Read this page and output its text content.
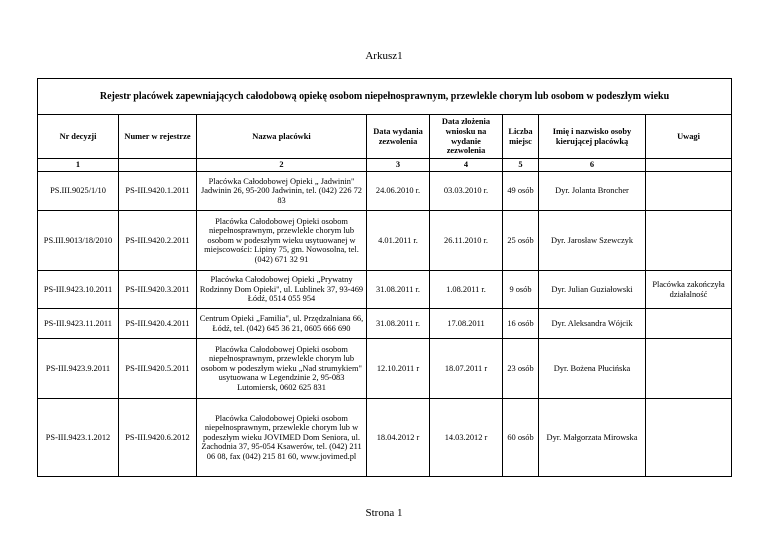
Arkusz1
Rejestr placówek zapewniających całodobową opiekę osobom niepełnosprawnym, przewlekle chorym lub osobom w podeszłym wieku							
Nr decyzji	Numer w rejestrze	Nazwa placówki	Data wydania zezwolenia	Data złożenia wniosku na wydanie zezwolenia	Liczba miejsc	Imię i nazwisko osoby kierującej placówką	Uwagi
1		2	3	4	5	6	
PS.III.9025/1/10	PS-III.9420.1.2011	Placówka Całodobowej Opieki „ Jadwinin" Jadwinin 26, 95-200 Jadwinin, tel. (042) 226 72 83	24.06.2010 r.	03.03.2010 r.	49 osób	Dyr. Jolanta Broncher	
PS.III.9013/18/2010	PS-III.9420.2.2011	Placówka Całodobowej Opieki osobom niepełnosprawnym, przewlekle chorym lub osobom w podeszłym wieku usytuowanej w miejscowości: Lipiny 75, gm. Nowosolna, tel. (042) 671 32 91	4.01.2011 r.	26.11.2010 r.	25 osób	Dyr. Jarosław Szewczyk	
PS-III.9423.10.2011	PS-III.9420.3.2011	Placówka Całodobowej Opieki „Prywatny Rodzinny Dom Opieki", ul. Lublinek 37, 93-469 Łódź, 0514 055 954	31.08.2011 r.	1.08.2011 r.	9 osób	Dyr. Julian Guziałowski	Placówka zakończyła działalność
PS-III.9423.11.2011	PS-III.9420.4.2011	Centrum Opieki „Familia", ul. Przędzalniana 66, Łódź, tel. (042) 645 36 21, 0605 666 690	31.08.2011 r.	17.08.2011	16 osób	Dyr. Aleksandra Wójcik	
PS-III.9423.9.2011	PS-III.9420.5.2011	Placówka Całodobowej Opieki osobom niepełnosprawnym, przewlekle chorym lub osobom w podeszłym wieku „Nad strumykiem" usytuowana w Legendzinie 2, 95-083 Lutomiersk, 0602 625 831	12.10.2011 r	18.07.2011 r	23 osób	Dyr. Bożena Płucińska	
PS-III.9423.1.2012	PS-III.9420.6.2012	Placówka Całodobowej Opieki osobom niepełnosprawnym, przewlekle chorym lub w podeszłym wieku JOVIMED Dom Seniora, ul. Zachodnia 37, 95-054 Ksawerów, tel. (042) 211 06 08, fax (042) 215 81 60, www.jovimed.pl	18.04.2012 r	14.03.2012 r	60 osób	Dyr. Małgorzata Mirowska	
Strona 1
